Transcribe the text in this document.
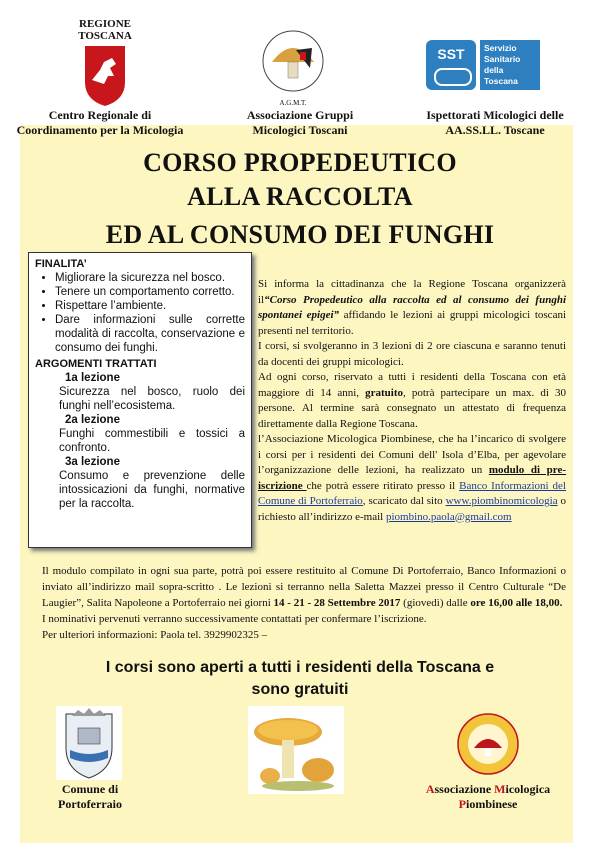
REGIONE
TOSCANA
A.G.M.T.
SST	Servizio
Sanitario
della
Toscana
Centro Regionale di
Coordinamento per la Micologia
Associazione Gruppi
Micologici Toscani
Ispettorati Micologici delle
AA.SS.LL. Toscane
CORSO PROPEDEUTICO
ALLA RACCOLTA
ED AL CONSUMO DEI FUNGHI
FINALITA’
• Migliorare la sicurezza nel bosco.
• Tenere un comportamento corretto.
• Rispettare l’ambiente.
• Dare informazioni sulle corrette modalità di raccolta, conservazione e consumo dei funghi.
ARGOMENTI TRATTATI
1a lezione
Sicurezza nel bosco, ruolo dei funghi nell’ecosistema.
2a lezione
Funghi commestibili e tossici a confronto.
3a lezione
Consumo e prevenzione delle intossicazioni da funghi, normative per la raccolta.

Si informa la cittadinanza che la Regione Toscana organizzerà il“Corso Propedeutico alla raccolta ed al consumo dei funghi spontanei epigei” affidando le lezioni ai gruppi micologici toscani presenti nel territorio.

I corsi, si svolgeranno in 3 lezioni di 2 ore ciascuna e saranno tenuti da docenti dei gruppi micologici.

Ad ogni corso, riservato a tutti i residenti della Toscana con età maggiore di 14 anni, gratuito, potrà partecipare un max. di 30 persone. Al termine sarà consegnato un attestato di frequenza direttamente dalla Regione Toscana.

l’Associazione Micologica Piombinese, che ha l’incarico di svolgere i corsi per i residenti dei Comuni dell' Isola d’Elba, per agevolare l’organizzazione delle lezioni, ha realizzato un modulo di pre-iscrizione che potrà essere ritirato presso il Banco Informazioni del Comune di Portoferraio, scaricato dal sito www.piombinomicologia o richiesto all’indirizzo e-mail piombino.paola@gmail.com

Il modulo compilato in ogni sua parte, potrà poi essere restituito al Comune Di Portoferraio, Banco Informazioni o inviato all’indirizzo mail sopra-scritto . Le lezioni si terranno nella Saletta Mazzei presso il Centro Culturale “De Laugier”, Salita Napoleone a Portoferraio nei giorni 14 - 21 - 28 Settembre 2017 (giovedì) dalle ore 16,00 alle 18,00.

I nominativi pervenuti verranno successivamente contattati per confermare l’iscrizione.

Per ulteriori informazioni: Paola tel. 3929902325 –

I corsi sono aperti a tutti i residenti della Toscana e
sono gratuiti
Comune di
Portoferraio
Associazione Micologica
Piombinese
